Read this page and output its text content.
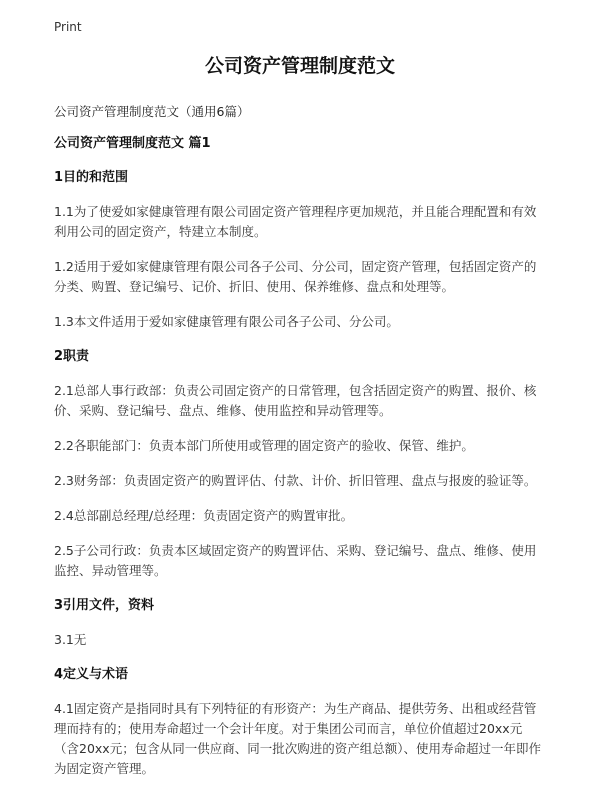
Print
公司资产管理制度范文

公司资产管理制度范文（通用6篇）

公司资产管理制度范文 篇1

1目的和范围

1.1为了使爱如家健康管理有限公司固定资产管理程序更加规范，并且能合理配置和有效利用公司的固定资产，特建立本制度。

1.2适用于爱如家健康管理有限公司各子公司、分公司，固定资产管理，包括固定资产的分类、购置、登记编号、记价、折旧、使用、保养维修、盘点和处理等。

1.3本文件适用于爱如家健康管理有限公司各子公司、分公司。

2职责

2.1总部人事行政部：负责公司固定资产的日常管理，包含括固定资产的购置、报价、核价、采购、登记编号、盘点、维修、使用监控和异动管理等。

2.2各职能部门：负责本部门所使用或管理的固定资产的验收、保管、维护。

2.3财务部：负责固定资产的购置评估、付款、计价、折旧管理、盘点与报废的验证等。

2.4总部副总经理/总经理：负责固定资产的购置审批。

2.5子公司行政：负责本区域固定资产的购置评估、采购、登记编号、盘点、维修、使用监控、异动管理等。

3引用文件，资料

3.1无

4定义与术语

4.1固定资产是指同时具有下列特征的有形资产：为生产商品、提供劳务、出租或经营管理而持有的；使用寿命超过一个会计年度。对于集团公司而言，单位价值超过20xx元（含20xx元；包含从同一供应商、同一批次购进的资产组总额）、使用寿命超过一年即作为固定资产管理。
